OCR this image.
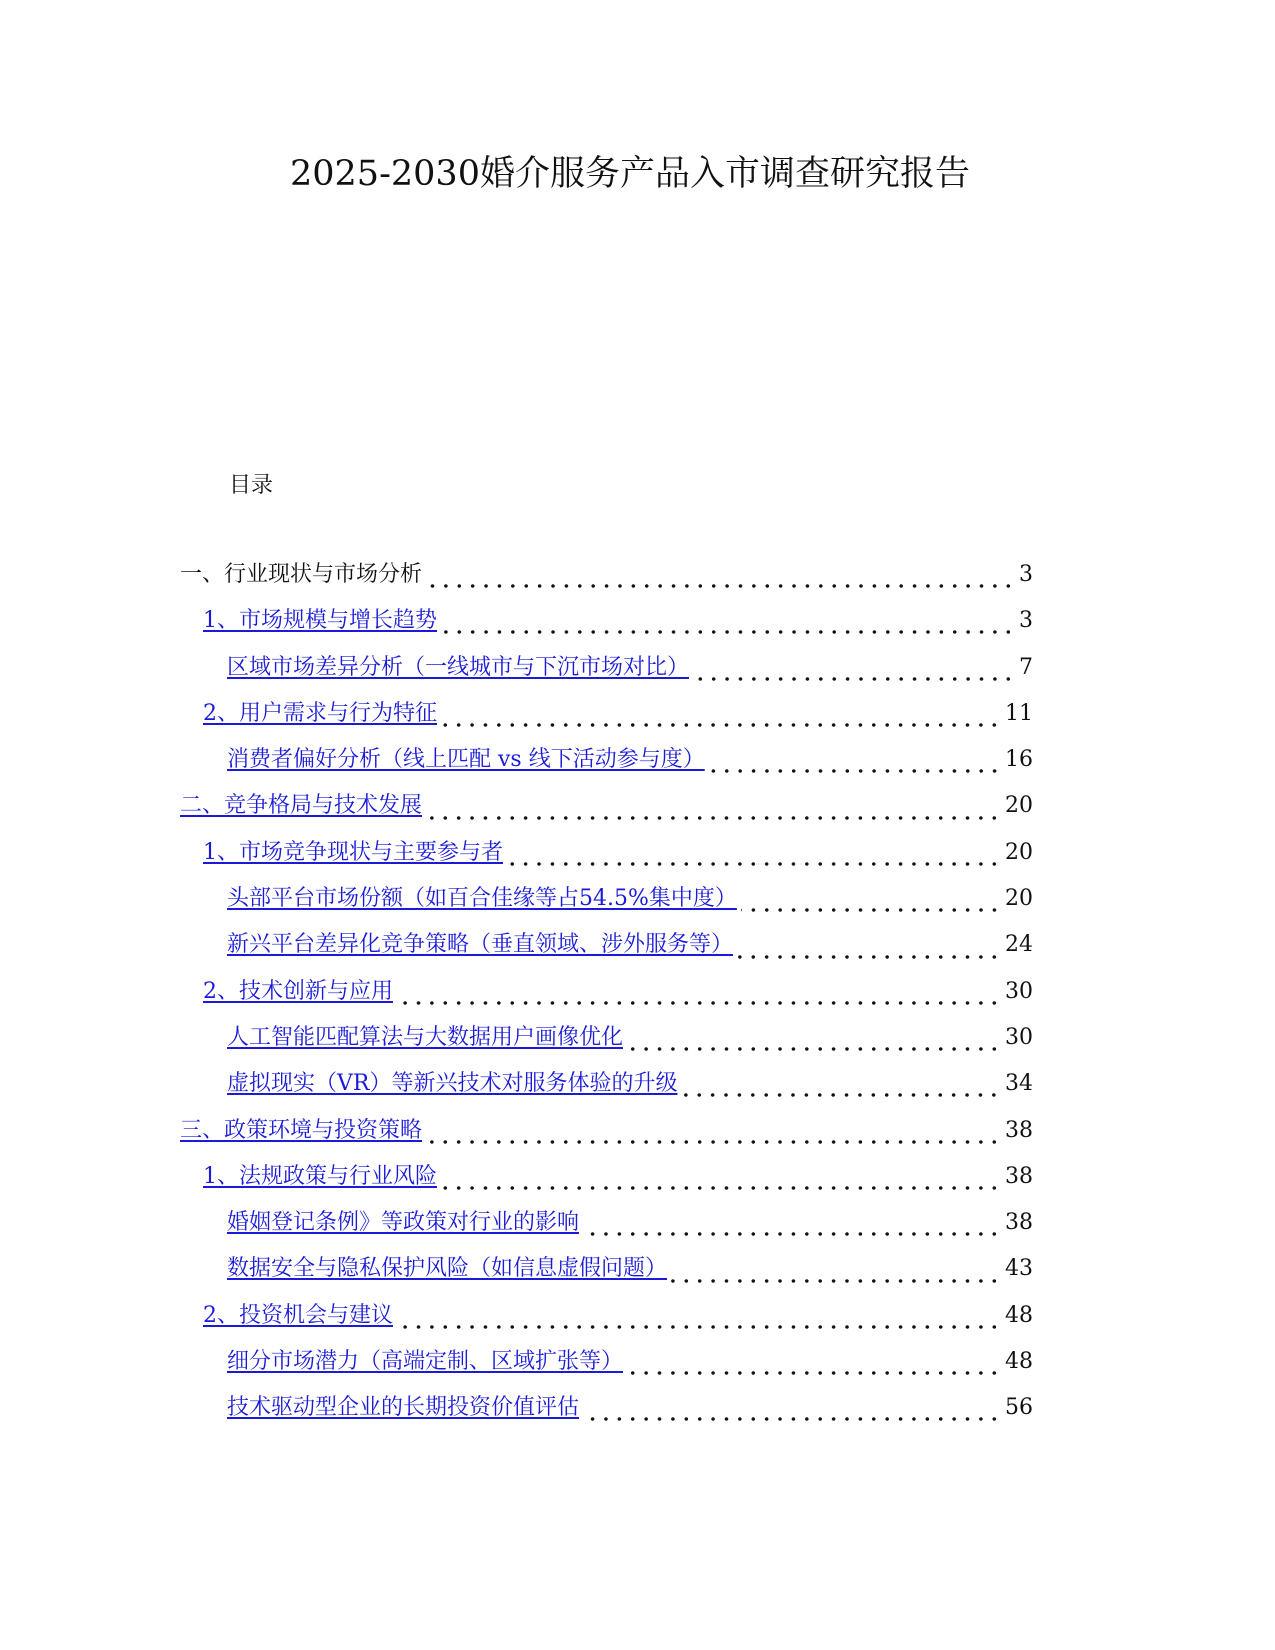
2025-2030婚介服务产品入市调查研究报告
目录
一、行业现状与市场分析	3
1、市场规模与增长趋势	3
区域市场差异分析（一线城市与下沉市场对比）	7
2、用户需求与行为特征	11
消费者偏好分析（线上匹配 vs 线下活动参与度）	16
二、竞争格局与技术发展	20
1、市场竞争现状与主要参与者	20
头部平台市场份额（如百合佳缘等占54.5%集中度）	20
新兴平台差异化竞争策略（垂直领域、涉外服务等）	24
2、技术创新与应用	30
人工智能匹配算法与大数据用户画像优化	30
虚拟现实（VR）等新兴技术对服务体验的升级	34
三、政策环境与投资策略	38
1、法规政策与行业风险	38
婚姻登记条例》等政策对行业的影响	38
数据安全与隐私保护风险（如信息虚假问题）	43
2、投资机会与建议	48
细分市场潜力（高端定制、区域扩张等）	48
技术驱动型企业的长期投资价值评估	56
